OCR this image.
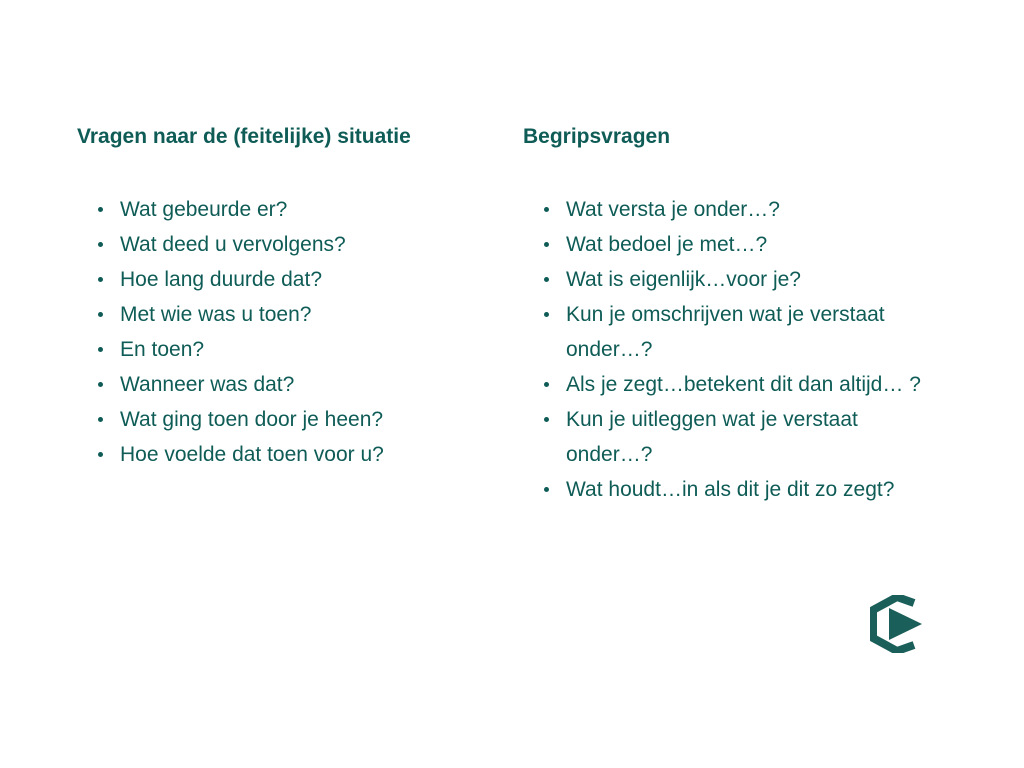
Vragen naar de (feitelijke) situatie
Wat gebeurde er?
Wat deed u vervolgens?
Hoe lang duurde dat?
Met wie was u toen?
En toen?
Wanneer was dat?
Wat ging toen door je heen?
Hoe voelde dat toen voor u?
Begripsvragen
Wat versta je onder…?
Wat bedoel je met…?
Wat is eigenlijk…voor je?
Kun je omschrijven wat je verstaat onder…?
Als je zegt…betekent dit dan altijd… ?
Kun je uitleggen wat je verstaat onder…?
Wat houdt…in als dit je dit zo zegt?
